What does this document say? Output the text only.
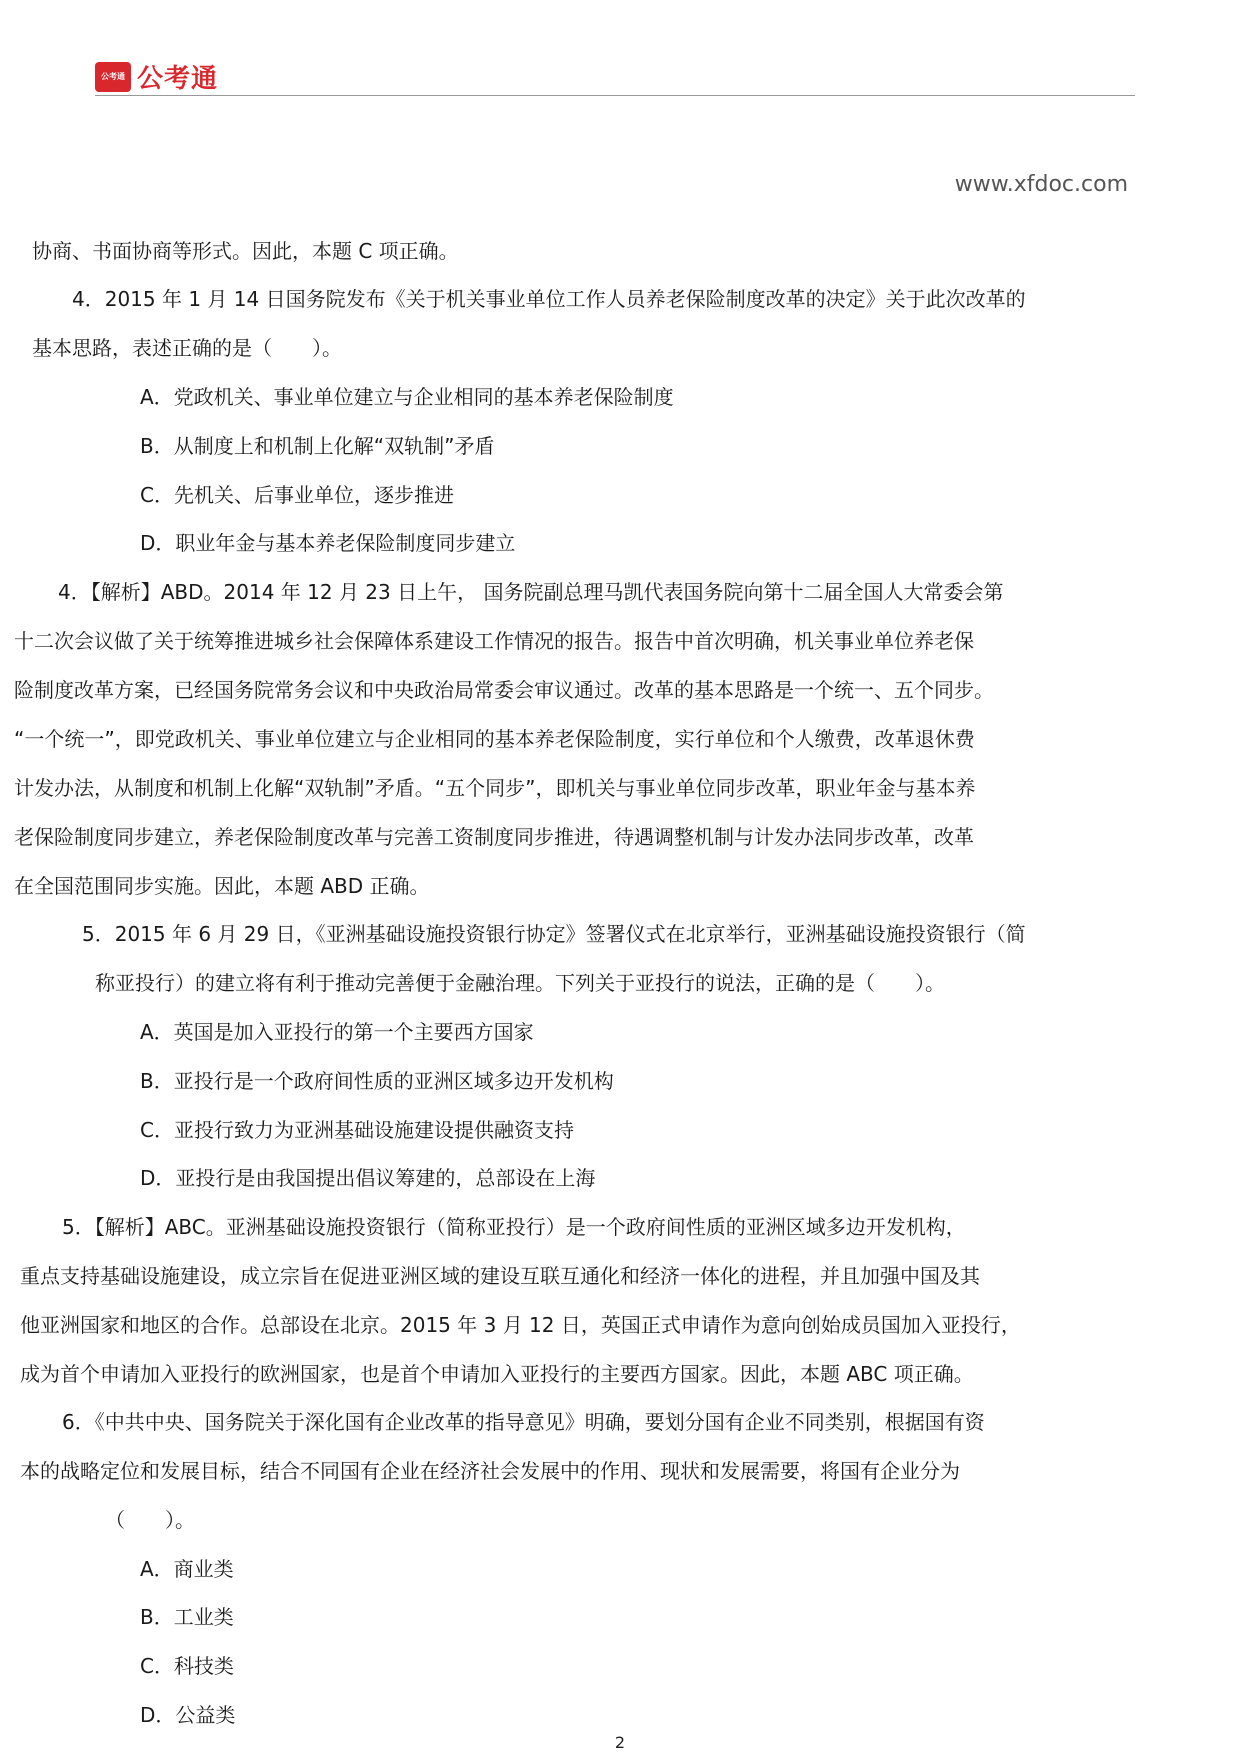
公考通 公考通
www.xfdoc.com
协商、书面协商等形式。因此，本题 C 项正确。
4．2015 年 1 月 14 日国务院发布《关于机关事业单位工作人员养老保险制度改革的决定》关于此次改革的
基本思路，表述正确的是（　　）。
A．党政机关、事业单位建立与企业相同的基本养老保险制度
B．从制度上和机制上化解“双轨制”矛盾
C．先机关、后事业单位，逐步推进
D．职业年金与基本养老保险制度同步建立
4．【解析】ABD。2014 年 12 月 23 日上午， 国务院副总理马凯代表国务院向第十二届全国人大常委会第
十二次会议做了关于统筹推进城乡社会保障体系建设工作情况的报告。报告中首次明确，机关事业单位养老保
险制度改革方案，已经国务院常务会议和中央政治局常委会审议通过。改革的基本思路是一个统一、五个同步。
“一个统一”，即党政机关、事业单位建立与企业相同的基本养老保险制度，实行单位和个人缴费，改革退休费
计发办法，从制度和机制上化解“双轨制”矛盾。“五个同步”，即机关与事业单位同步改革，职业年金与基本养
老保险制度同步建立，养老保险制度改革与完善工资制度同步推进，待遇调整机制与计发办法同步改革，改革
在全国范围同步实施。因此，本题 ABD 正确。
5．2015 年 6 月 29 日，《亚洲基础设施投资银行协定》签署仪式在北京举行，亚洲基础设施投资银行（简
称亚投行）的建立将有利于推动完善便于金融治理。下列关于亚投行的说法，正确的是（　　）。
A．英国是加入亚投行的第一个主要西方国家
B．亚投行是一个政府间性质的亚洲区域多边开发机构
C．亚投行致力为亚洲基础设施建设提供融资支持
D．亚投行是由我国提出倡议筹建的，总部设在上海
5．【解析】ABC。亚洲基础设施投资银行（简称亚投行）是一个政府间性质的亚洲区域多边开发机构，
重点支持基础设施建设，成立宗旨在促进亚洲区域的建设互联互通化和经济一体化的进程，并且加强中国及其
他亚洲国家和地区的合作。总部设在北京。2015 年 3 月 12 日，英国正式申请作为意向创始成员国加入亚投行，
成为首个申请加入亚投行的欧洲国家，也是首个申请加入亚投行的主要西方国家。因此，本题 ABC 项正确。
6．《中共中央、国务院关于深化国有企业改革的指导意见》明确，要划分国有企业不同类别，根据国有资
本的战略定位和发展目标，结合不同国有企业在经济社会发展中的作用、现状和发展需要，将国有企业分为
（　　）。
A．商业类
B．工业类
C．科技类
D．公益类
2
